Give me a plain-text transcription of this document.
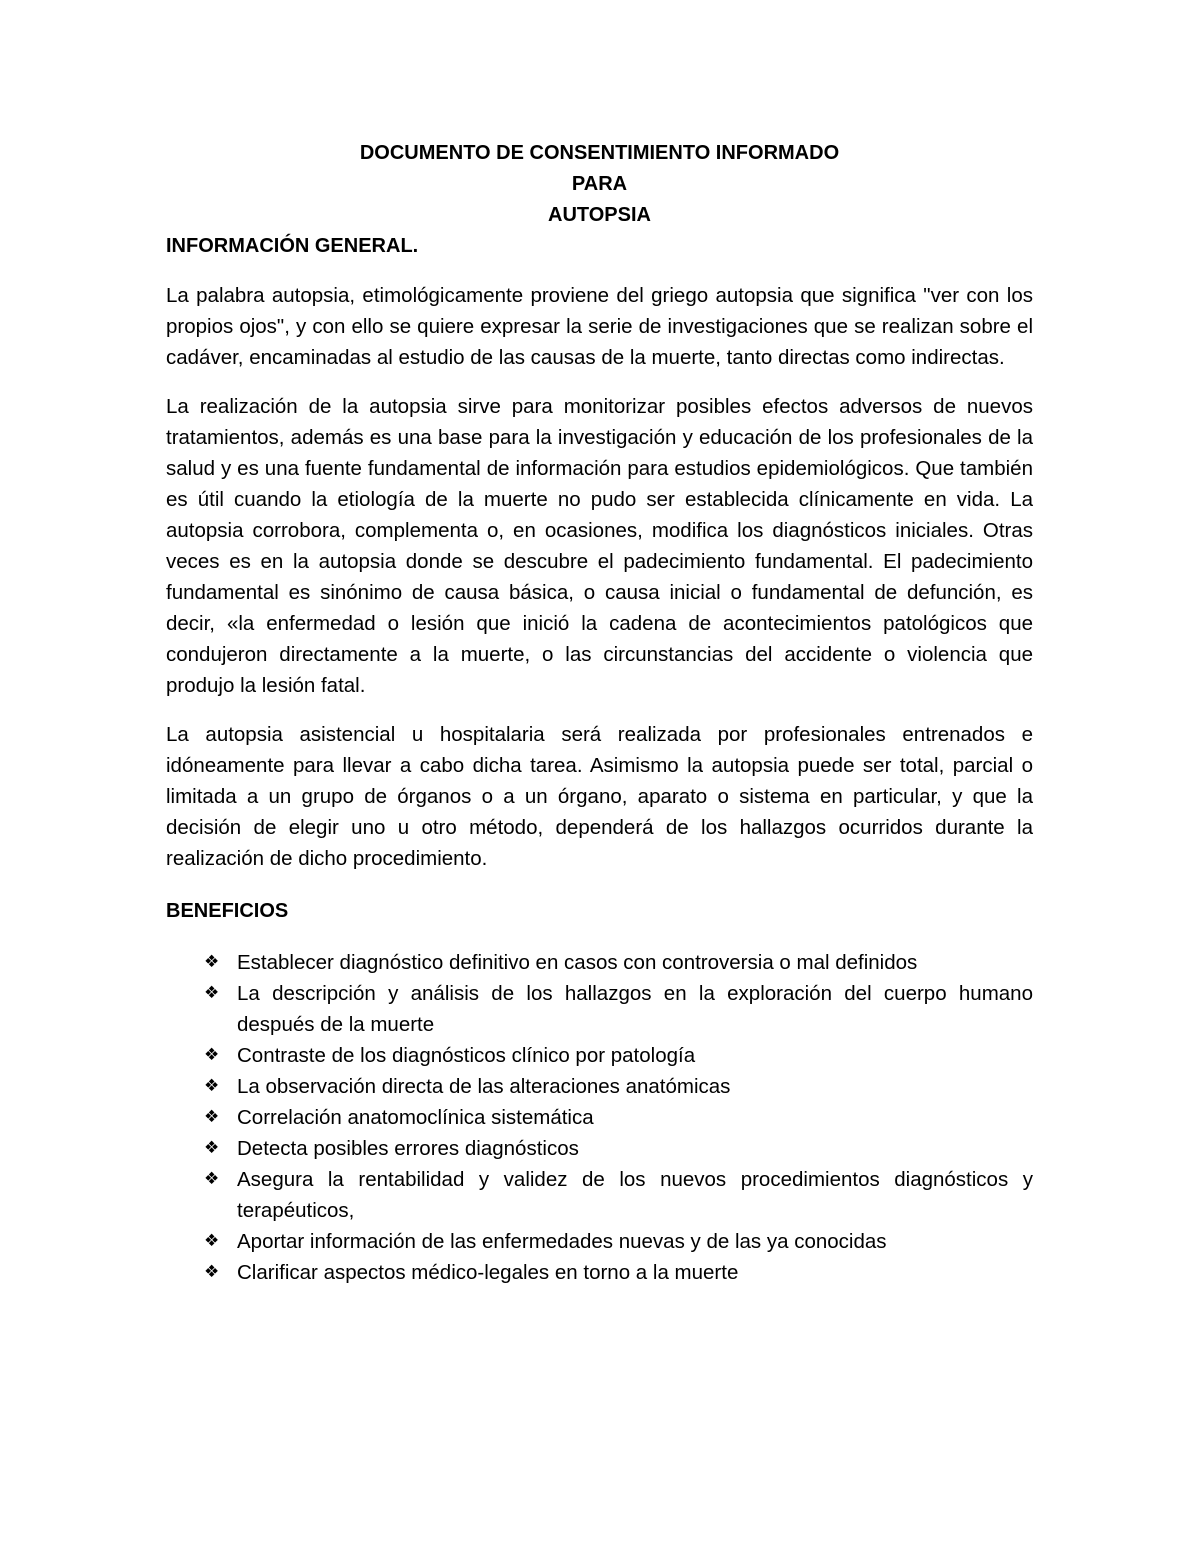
DOCUMENTO DE CONSENTIMIENTO INFORMADO
PARA
AUTOPSIA
INFORMACIÓN GENERAL.

La palabra autopsia, etimológicamente proviene del griego autopsia que significa "ver con los propios ojos", y con ello se quiere expresar la serie de investigaciones que se realizan sobre el cadáver, encaminadas al estudio de las causas de la muerte, tanto directas como indirectas.

La realización de la autopsia sirve para monitorizar posibles efectos adversos de nuevos tratamientos, además es una base para la investigación y educación de los profesionales de la salud y es una fuente fundamental de información para estudios epidemiológicos. Que también es útil cuando la etiología de la muerte no pudo ser establecida clínicamente en vida. La autopsia corrobora, complementa o, en ocasiones, modifica los diagnósticos iniciales. Otras veces es en la autopsia donde se descubre el padecimiento fundamental. El padecimiento fundamental es sinónimo de causa básica, o causa inicial o fundamental de defunción, es decir, «la enfermedad o lesión que inició la cadena de acontecimientos patológicos que condujeron directamente a la muerte, o las circunstancias del accidente o violencia que produjo la lesión fatal.

La autopsia asistencial u hospitalaria será realizada por profesionales entrenados e idóneamente para llevar a cabo dicha tarea. Asimismo la autopsia puede ser total, parcial o limitada a un grupo de órganos o a un órgano, aparato o sistema en particular, y que la decisión de elegir uno u otro método, dependerá de los hallazgos ocurridos durante la realización de dicho procedimiento.

BENEFICIOS
❖ Establecer diagnóstico definitivo en casos con controversia o mal definidos
❖ La descripción y análisis de los hallazgos en la exploración del cuerpo humano después de la muerte
❖ Contraste de los diagnósticos clínico por patología
❖ La observación directa de las alteraciones anatómicas
❖ Correlación anatomoclínica sistemática
❖ Detecta posibles errores diagnósticos
❖ Asegura la rentabilidad y validez de los nuevos procedimientos diagnósticos y terapéuticos,
❖ Aportar información de las enfermedades nuevas y de las ya conocidas
❖ Clarificar aspectos médico-legales en torno a la muerte
